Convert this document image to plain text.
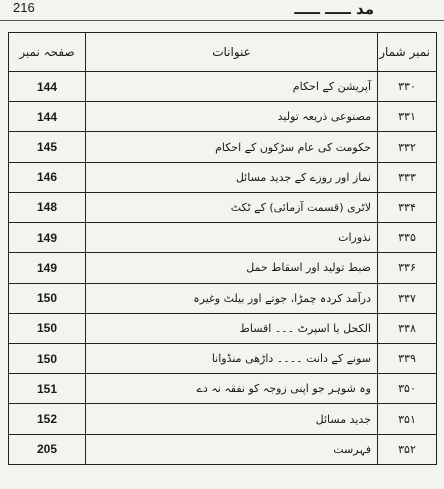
216	مد ـــــ ـــــ
نمبر شمار	عنوانات	صفحہ نمبر
۳۳۰	آپریشن کے احکام	144
۳۳۱	مصنوعی ذریعہ تولید	144
۳۳۲	حکومت کی عام سڑکوں کے احکام	145
۳۳۳	نماز اور روزے کے جدید مسائل	146
۳۳۴	لاٹری (قسمت آزمائی) کے ٹکٹ	148
۳۳۵	نذورات	149
۳۳۶	ضبط تولید اور اسقاط حمل	149
۳۳۷	درآمد کردہ چمڑا، جوتے اور بیلٹ وغیرہ	150
۳۳۸	الکحل یا اسپرٹ ۔۔۔ اقساط	150
۳۳۹	سونے کے دانت ۔۔۔۔ داڑھی منڈوانا	150
۳۵۰	وہ شوہر جو اپنی زوجہ کو نفقہ نہ دے	151
۳۵۱	جدید مسائل	152
۳۵۲	فہرست	205
